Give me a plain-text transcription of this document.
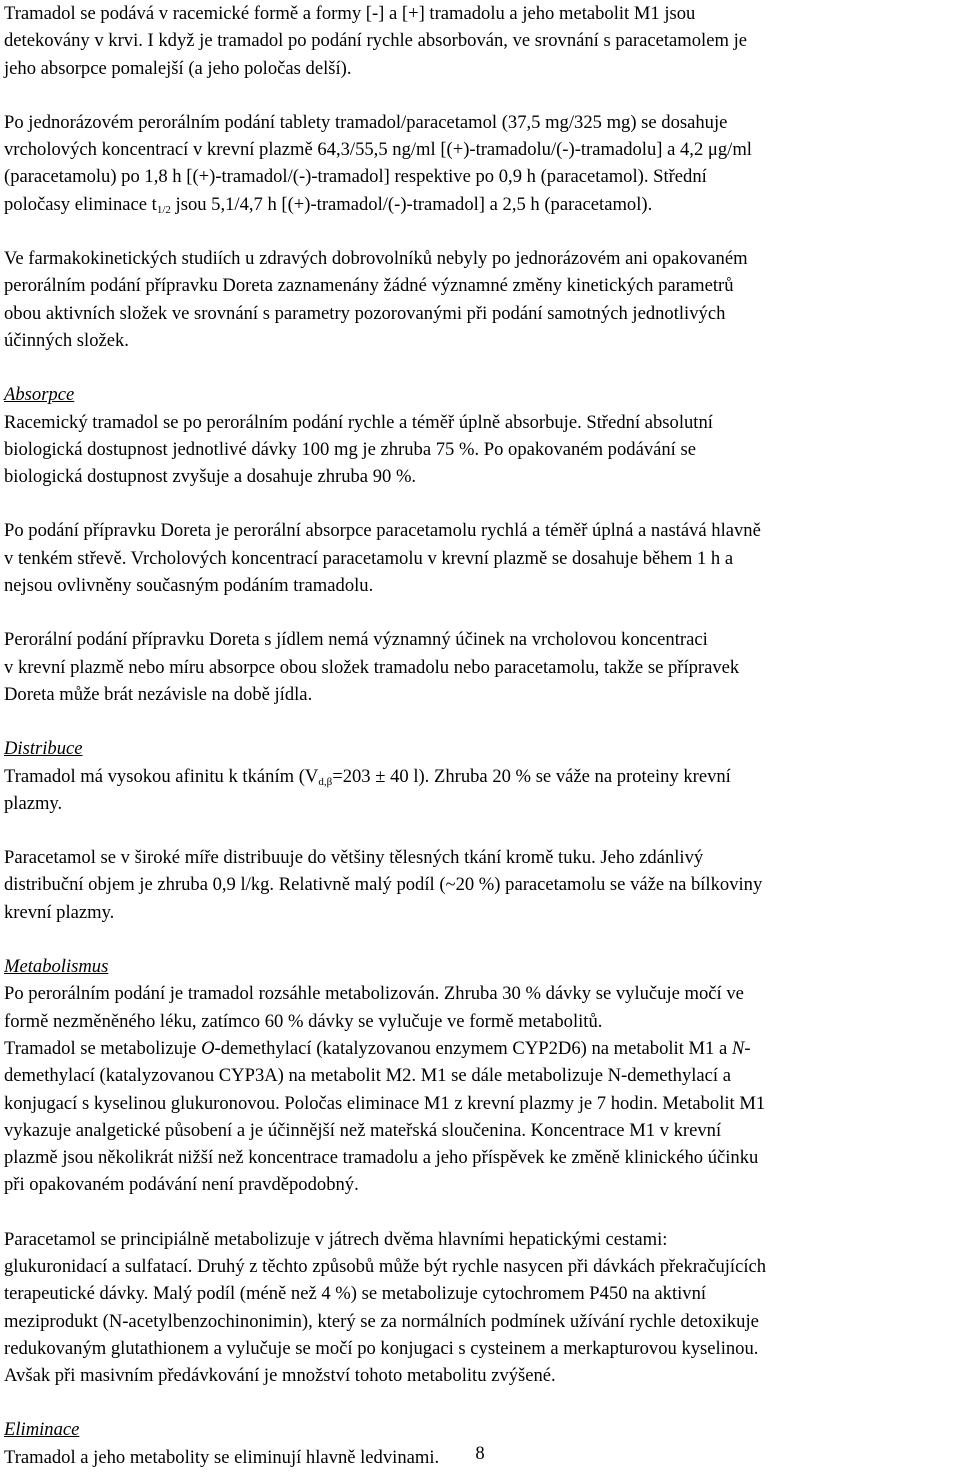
Tramadol se podává v racemické formě a formy [-] a [+] tramadolu a jeho metabolit M1 jsou
detekovány v krvi. I když je tramadol po podání rychle absorbován, ve srovnání s paracetamolem je
jeho absorpce pomalejší (a jeho poločas delší).
Po jednorázovém perorálním podání tablety tramadol/paracetamol (37,5 mg/325 mg) se dosahuje
vrcholových koncentrací v krevní plazmě 64,3/55,5 ng/ml [(+)-tramadolu/(-)-tramadolu] a 4,2 μg/ml
(paracetamolu) po 1,8 h [(+)-tramadol/(-)-tramadol] respektive po 0,9 h (paracetamol). Střední
poločasy eliminace $t_{1/2}$ jsou 5,1/4,7 h [(+)-tramadol/(-)-tramadol] a 2,5 h (paracetamol).
Ve farmakokinetických studiích u zdravých dobrovolníků nebyly po jednorázovém ani opakovaném
perorálním podání přípravku Doreta zaznamenány žádné významné změny kinetických parametrů
obou aktivních složek ve srovnání s parametry pozorovanými při podání samotných jednotlivých
účinných složek.
Absorpce
Racemický tramadol se po perorálním podání rychle a téměř úplně absorbuje. Střední absolutní
biologická dostupnost jednotlivé dávky 100 mg je zhruba 75 %. Po opakovaném podávání se
biologická dostupnost zvyšuje a dosahuje zhruba 90 %.
Po podání přípravku Doreta je perorální absorpce paracetamolu rychlá a téměř úplná a nastává hlavně
v tenkém střevě. Vrcholových koncentrací paracetamolu v krevní plazmě se dosahuje během 1 h a
nejsou ovlivněny současným podáním tramadolu.
Perorální podání přípravku Doreta s jídlem nemá významný účinek na vrcholovou koncentraci
v krevní plazmě nebo míru absorpce obou složek tramadolu nebo paracetamolu, takže se přípravek
Doreta může brát nezávisle na době jídla.
Distribuce
Tramadol má vysokou afinitu k tkáním ($V_{d,\beta}=203 \pm 40$ l). Zhruba 20 % se váže na proteiny krevní
plazmy.
Paracetamol se v široké míře distribuuje do většiny tělesných tkání kromě tuku. Jeho zdánlivý
distribuční objem je zhruba 0,9 l/kg. Relativně malý podíl (~20 %) paracetamolu se váže na bílkoviny
krevní plazmy.
Metabolismus
Po perorálním podání je tramadol rozsáhle metabolizován. Zhruba 30 % dávky se vylučuje močí ve
formě nezměněného léku, zatímco 60 % dávky se vylučuje ve formě metabolitů.
Tramadol se metabolizuje O-demethylací (katalyzovanou enzymem CYP2D6) na metabolit M1 a N-
demethylací (katalyzovanou CYP3A) na metabolit M2. M1 se dále metabolizuje N-demethylací a
konjugací s kyselinou glukuronovou. Poločas eliminace M1 z krevní plazmy je 7 hodin. Metabolit M1
vykazuje analgetické působení a je účinnější než mateřská sloučenina. Koncentrace M1 v krevní
plazmě jsou několikrát nižší než koncentrace tramadolu a jeho příspěvek ke změně klinického účinku
při opakovaném podávání není pravděpodobný.
Paracetamol se principiálně metabolizuje v játrech dvěma hlavními hepatickými cestami:
glukuronidací a sulfatací. Druhý z těchto způsobů může být rychle nasycen při dávkách překračujících
terapeutické dávky. Malý podíl (méně než 4 %) se metabolizuje cytochromem P450 na aktivní
meziprodukt (N-acetylbenzochinonimin), který se za normálních podmínek užívání rychle detoxikuje
redukovaným glutathionem a vylučuje se močí po konjugaci s cysteinem a merkapturovou kyselinou.
Avšak při masivním předávkování je množství tohoto metabolitu zvýšené.
Eliminace
Tramadol a jeho metabolity se eliminují hlavně ledvinami.	8
